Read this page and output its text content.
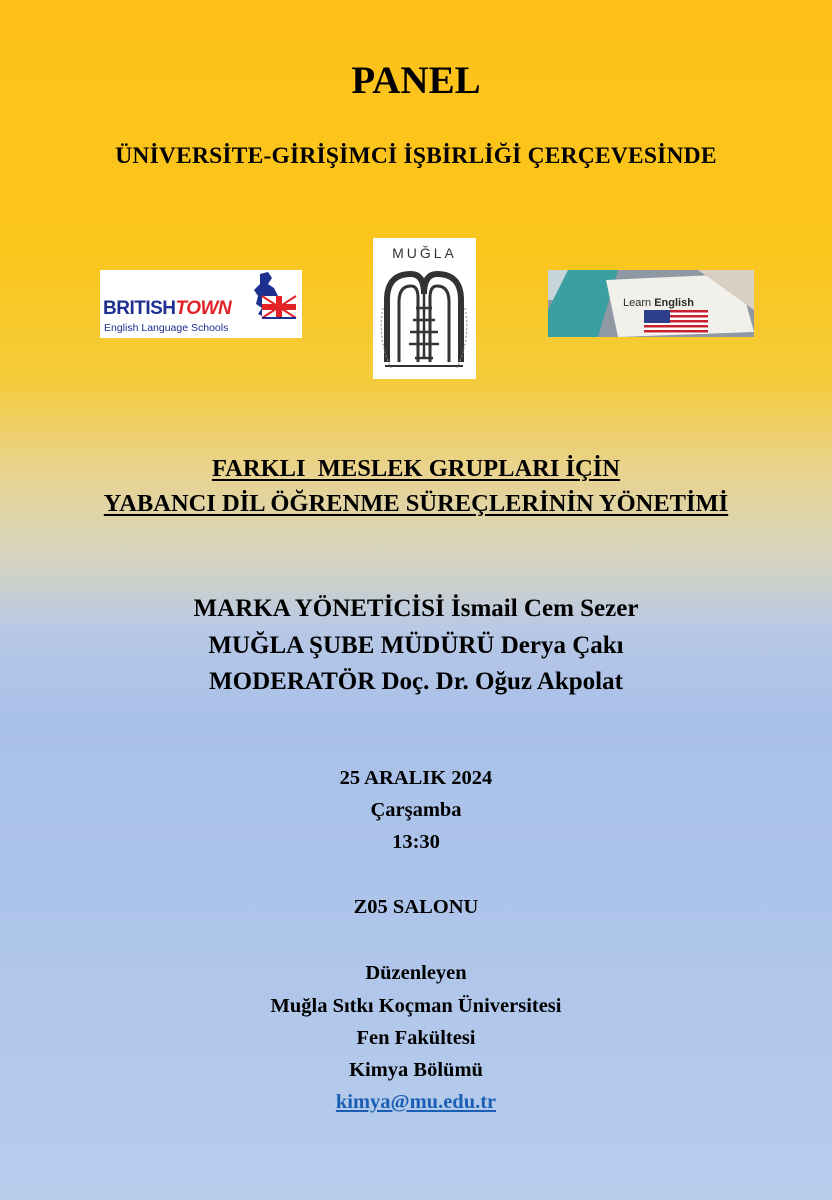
PANEL
ÜNİVERSİTE-GİRİŞİMCİ İŞBİRLİĞİ ÇERÇEVESİNDE
BRITISHTOWN
English Language Schools
MUĞLA
Learn English
FARKLI  MESLEK GRUPLARI İÇİN
YABANCI DİL ÖĞRENME SÜREÇLERİNİN YÖNETİMİ
MARKA YÖNETİCİSİ İsmail Cem Sezer
MUĞLA ŞUBE MÜDÜRÜ Derya Çakı
MODERATÖR Doç. Dr. Oğuz Akpolat
25 ARALIK 2024
Çarşamba
13:30
Z05 SALONU
Düzenleyen
Muğla Sıtkı Koçman Üniversitesi
Fen Fakültesi
Kimya Bölümü
kimya@mu.edu.tr
